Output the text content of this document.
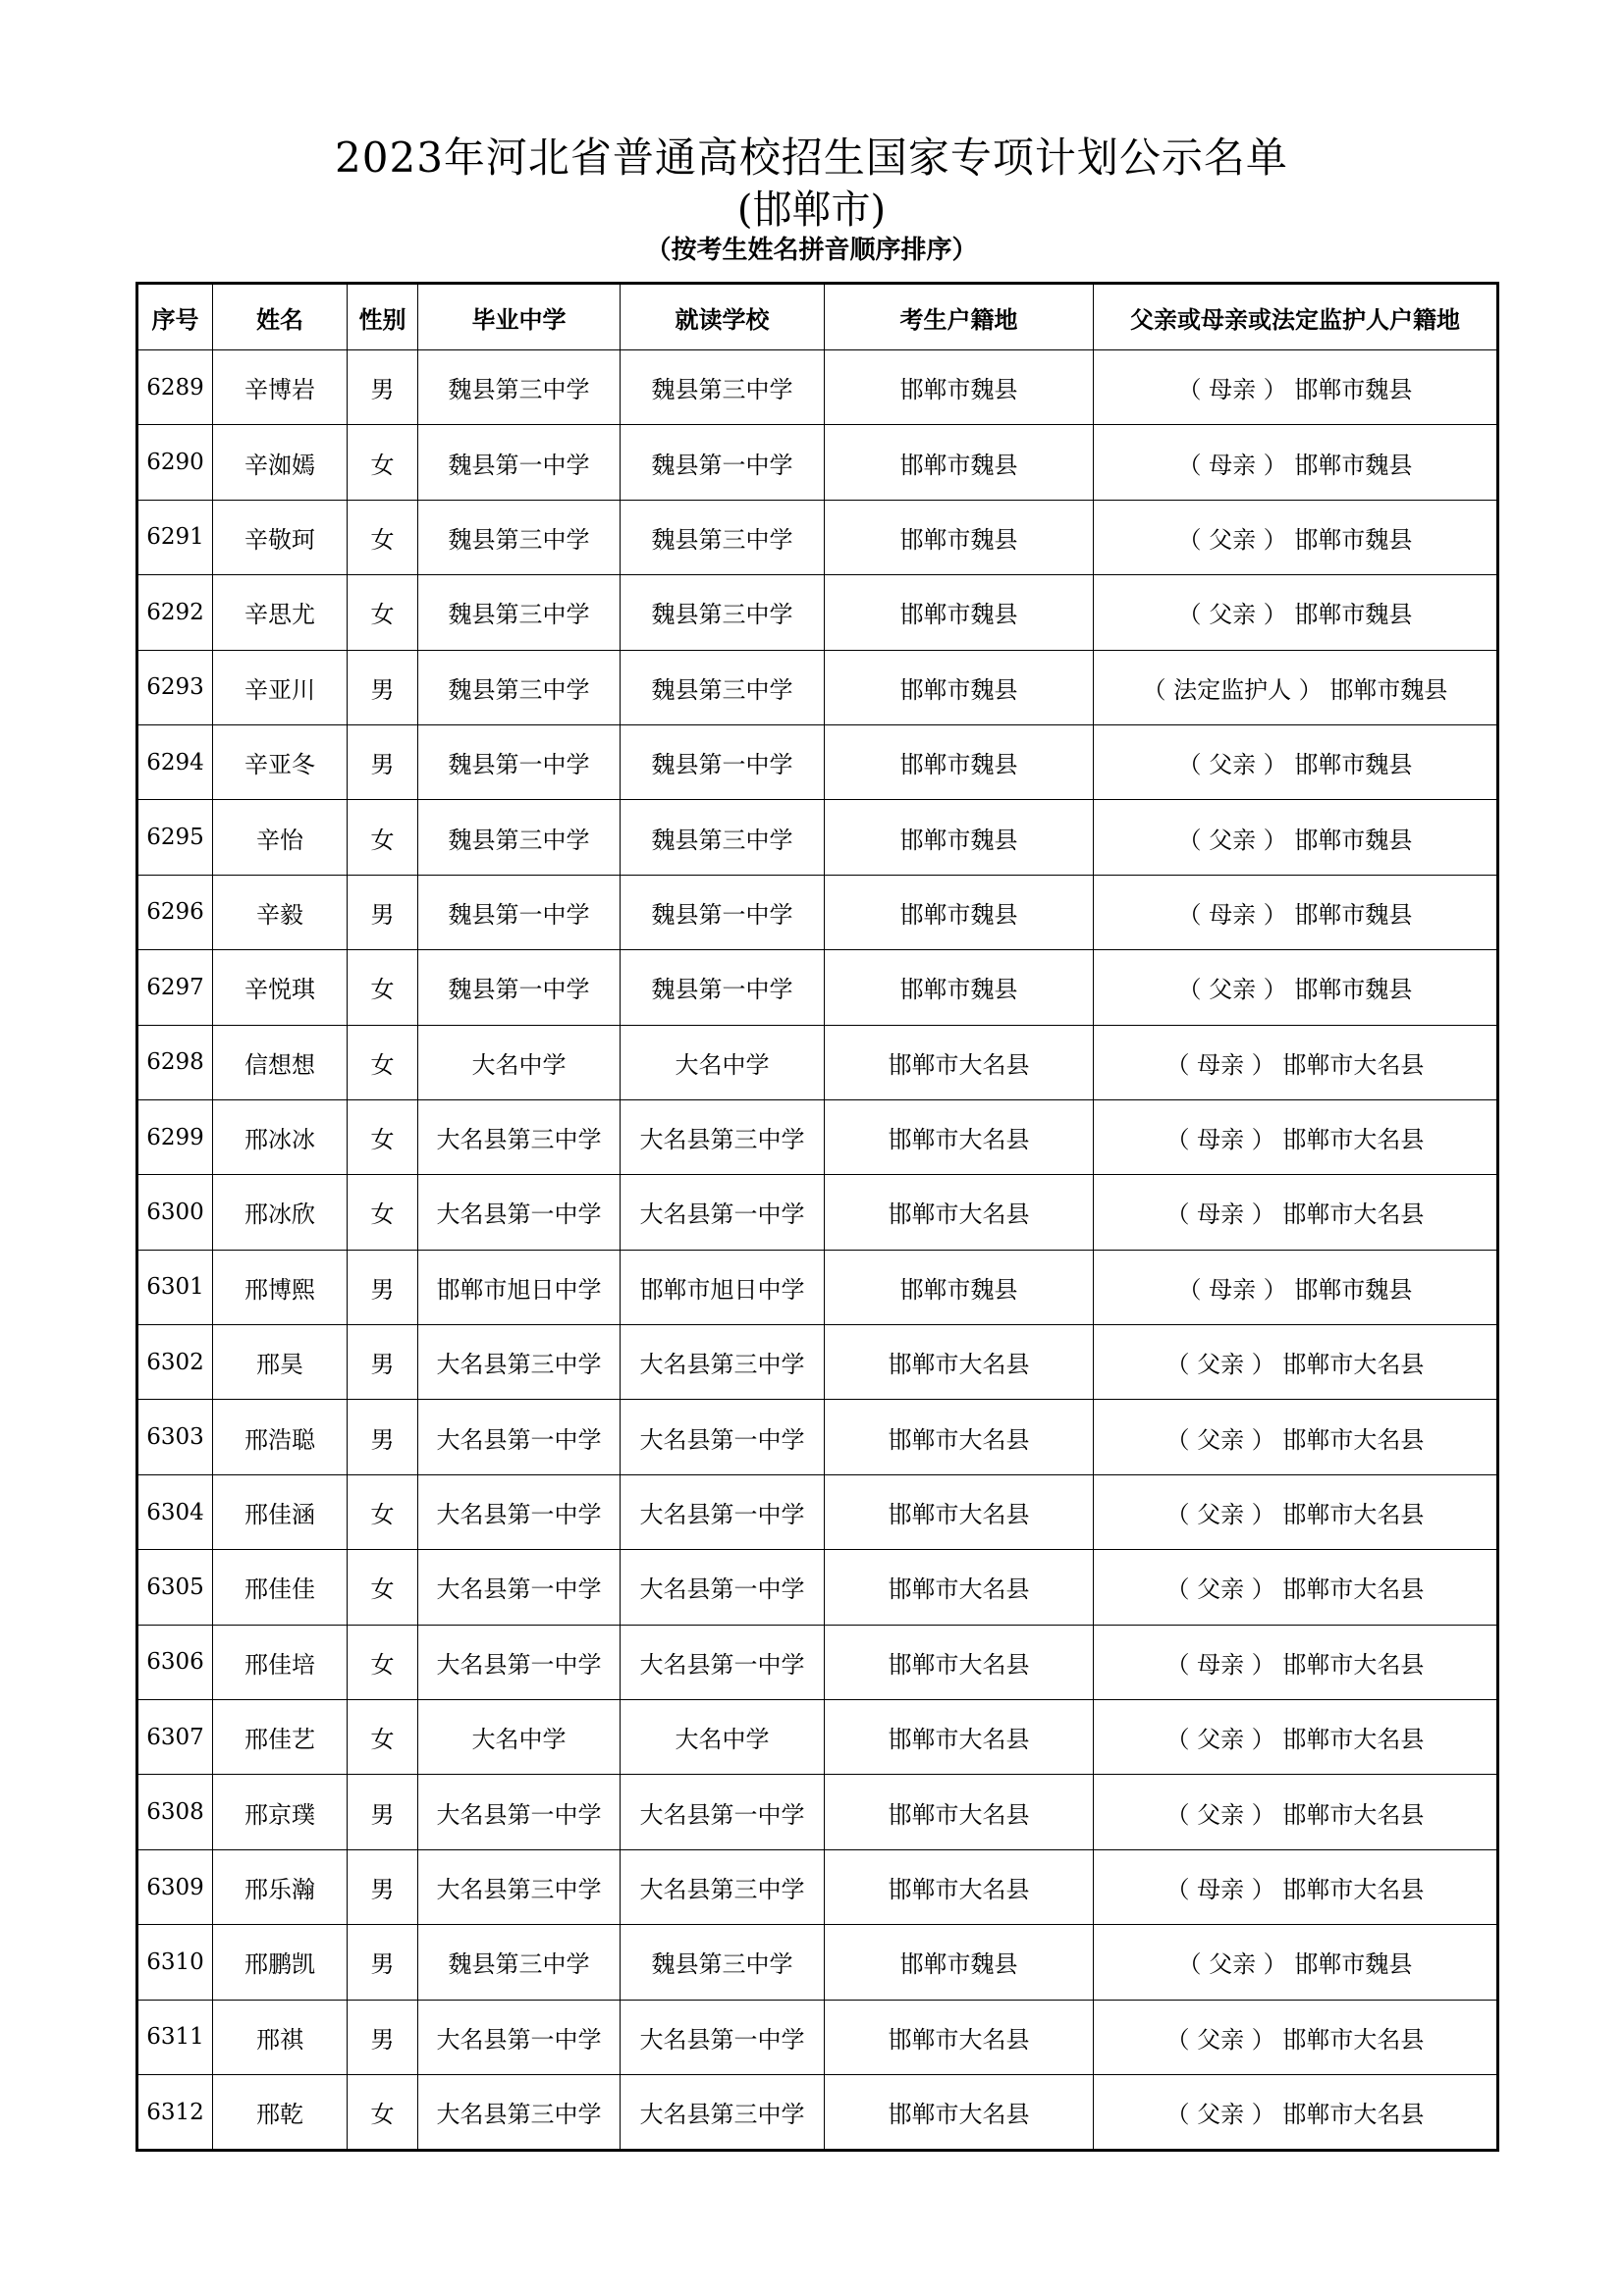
2023年河北省普通高校招生国家专项计划公示名单
(邯郸市)
（按考生姓名拼音顺序排序）
序号	姓名	性别	毕业中学	就读学校	考生户籍地	父亲或母亲或法定监护人户籍地
6289	辛博岩	男	魏县第三中学	魏县第三中学	邯郸市魏县	（ 母亲 ） 邯郸市魏县
6290	辛洳嫣	女	魏县第一中学	魏县第一中学	邯郸市魏县	（ 母亲 ） 邯郸市魏县
6291	辛敬珂	女	魏县第三中学	魏县第三中学	邯郸市魏县	（ 父亲 ） 邯郸市魏县
6292	辛思尤	女	魏县第三中学	魏县第三中学	邯郸市魏县	（ 父亲 ） 邯郸市魏县
6293	辛亚川	男	魏县第三中学	魏县第三中学	邯郸市魏县	（ 法定监护人 ） 邯郸市魏县
6294	辛亚冬	男	魏县第一中学	魏县第一中学	邯郸市魏县	（ 父亲 ） 邯郸市魏县
6295	辛怡	女	魏县第三中学	魏县第三中学	邯郸市魏县	（ 父亲 ） 邯郸市魏县
6296	辛毅	男	魏县第一中学	魏县第一中学	邯郸市魏县	（ 母亲 ） 邯郸市魏县
6297	辛悦琪	女	魏县第一中学	魏县第一中学	邯郸市魏县	（ 父亲 ） 邯郸市魏县
6298	信想想	女	大名中学	大名中学	邯郸市大名县	（ 母亲 ） 邯郸市大名县
6299	邢冰冰	女	大名县第三中学	大名县第三中学	邯郸市大名县	（ 母亲 ） 邯郸市大名县
6300	邢冰欣	女	大名县第一中学	大名县第一中学	邯郸市大名县	（ 母亲 ） 邯郸市大名县
6301	邢博熙	男	邯郸市旭日中学	邯郸市旭日中学	邯郸市魏县	（ 母亲 ） 邯郸市魏县
6302	邢昊	男	大名县第三中学	大名县第三中学	邯郸市大名县	（ 父亲 ） 邯郸市大名县
6303	邢浩聪	男	大名县第一中学	大名县第一中学	邯郸市大名县	（ 父亲 ） 邯郸市大名县
6304	邢佳涵	女	大名县第一中学	大名县第一中学	邯郸市大名县	（ 父亲 ） 邯郸市大名县
6305	邢佳佳	女	大名县第一中学	大名县第一中学	邯郸市大名县	（ 父亲 ） 邯郸市大名县
6306	邢佳培	女	大名县第一中学	大名县第一中学	邯郸市大名县	（ 母亲 ） 邯郸市大名县
6307	邢佳艺	女	大名中学	大名中学	邯郸市大名县	（ 父亲 ） 邯郸市大名县
6308	邢京璞	男	大名县第一中学	大名县第一中学	邯郸市大名县	（ 父亲 ） 邯郸市大名县
6309	邢乐瀚	男	大名县第三中学	大名县第三中学	邯郸市大名县	（ 母亲 ） 邯郸市大名县
6310	邢鹏凯	男	魏县第三中学	魏县第三中学	邯郸市魏县	（ 父亲 ） 邯郸市魏县
6311	邢祺	男	大名县第一中学	大名县第一中学	邯郸市大名县	（ 父亲 ） 邯郸市大名县
6312	邢乾	女	大名县第三中学	大名县第三中学	邯郸市大名县	（ 父亲 ） 邯郸市大名县
